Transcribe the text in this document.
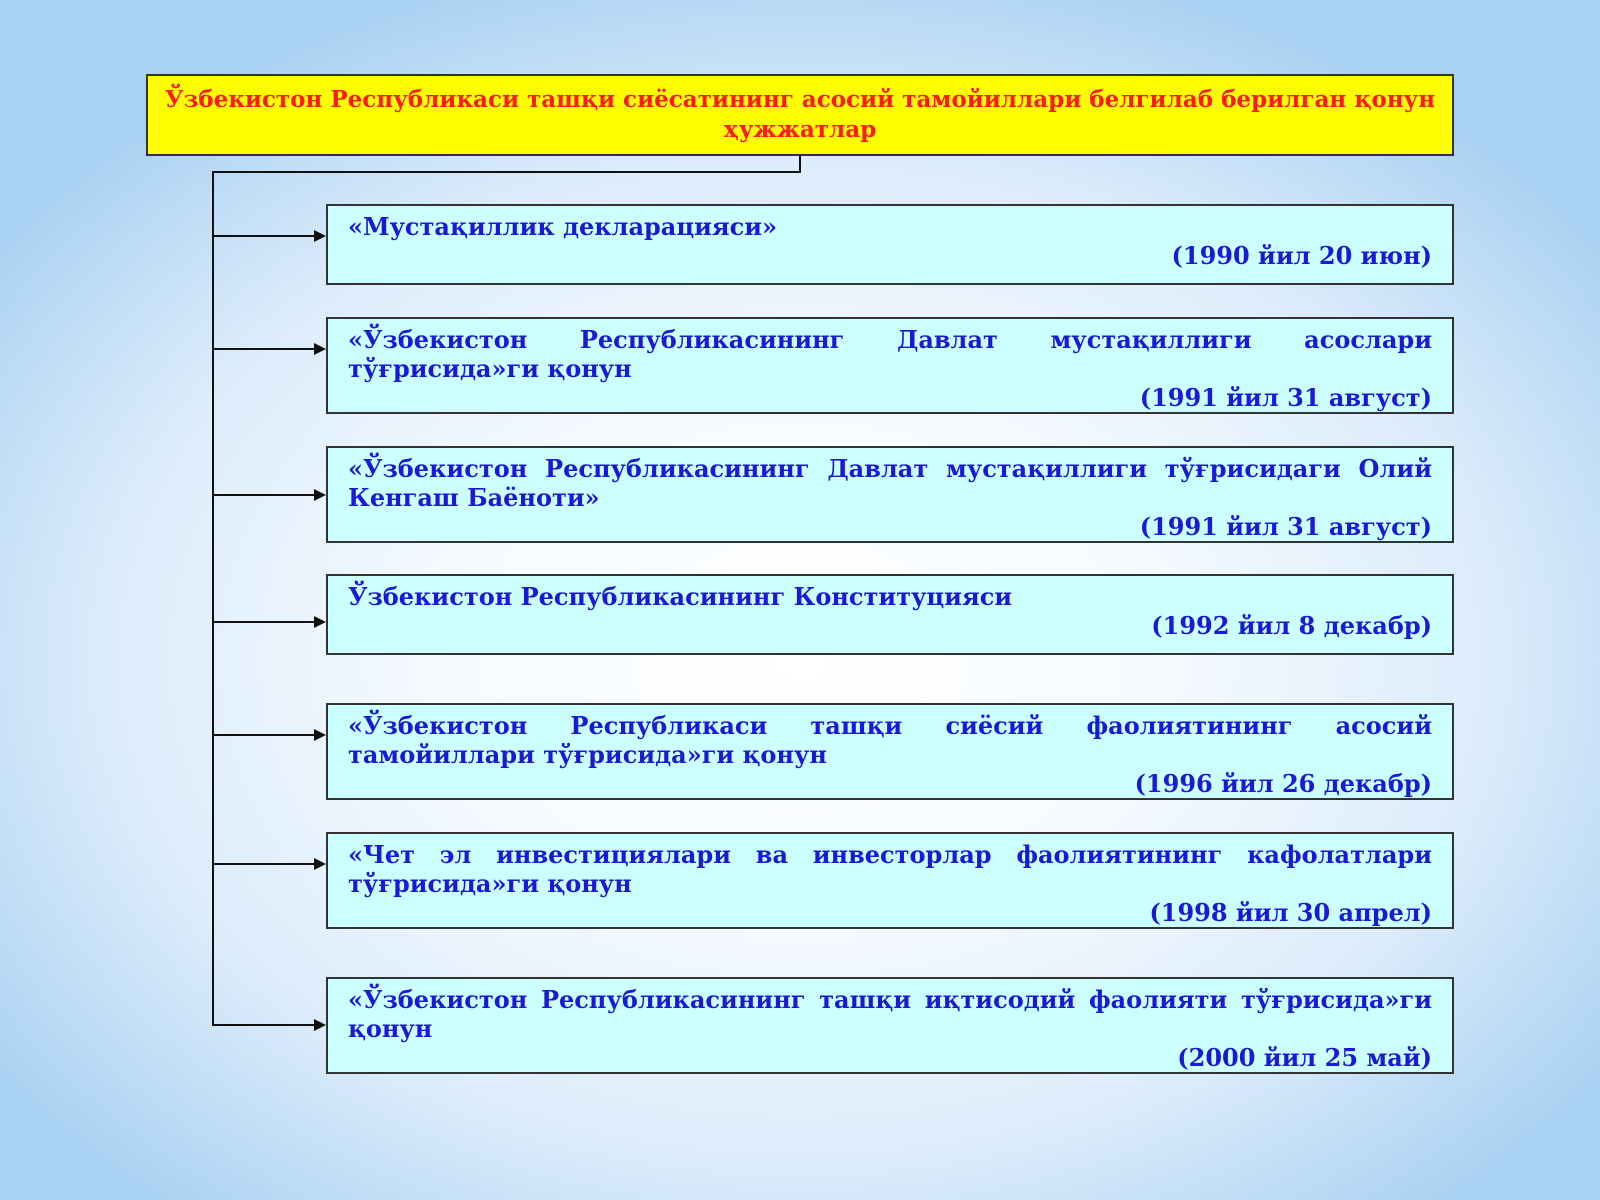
Ўзбекистон Республикаси ташқи сиёсатининг асосий тамойиллари белгилаб берилган қонун ҳужжатлар
«Мустақиллик декларацияси»
(1990 йил 20 июн)
«Ўзбекистон Республикасининг Давлат мустақиллиги асослари тўғрисида»ги қонун
(1991 йил 31 август)
«Ўзбекистон Республикасининг Давлат мустақиллиги тўғрисидаги Олий Кенгаш Баёноти»
(1991 йил 31 август)
Ўзбекистон Республикасининг Конституцияси
(1992 йил 8 декабр)
«Ўзбекистон Республикаси ташқи сиёсий фаолиятининг асосий тамойиллари тўғрисида»ги қонун
(1996 йил 26 декабр)
«Чет эл инвестициялари ва инвесторлар фаолиятининг кафолатлари тўғрисида»ги қонун
(1998 йил 30 апрел)
«Ўзбекистон Республикасининг ташқи иқтисодий фаолияти тўғрисида»ги қонун
(2000 йил 25 май)
